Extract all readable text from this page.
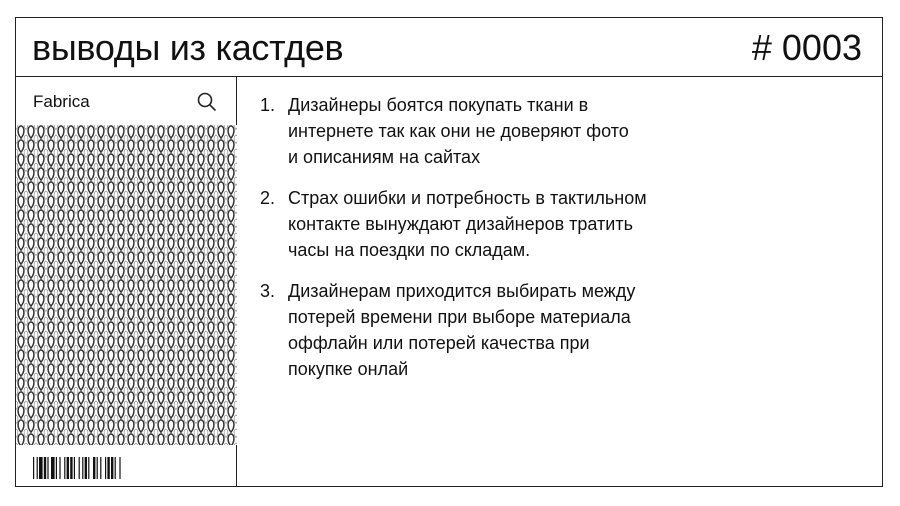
выводы из кастдев	# 0003
Fabrica	1. Дизайнеры боятся покупать ткани в
интернете так как они не доверяют фото
и описаниям на сайтах
2. Страх ошибки и потребность в тактильном
контакте вынуждают дизайнеров тратить
часы на поездки по складам.
3. Дизайнерам приходится выбирать между
потерей времени при выборе материала
оффлайн или потерей качества при
покупке онлай
